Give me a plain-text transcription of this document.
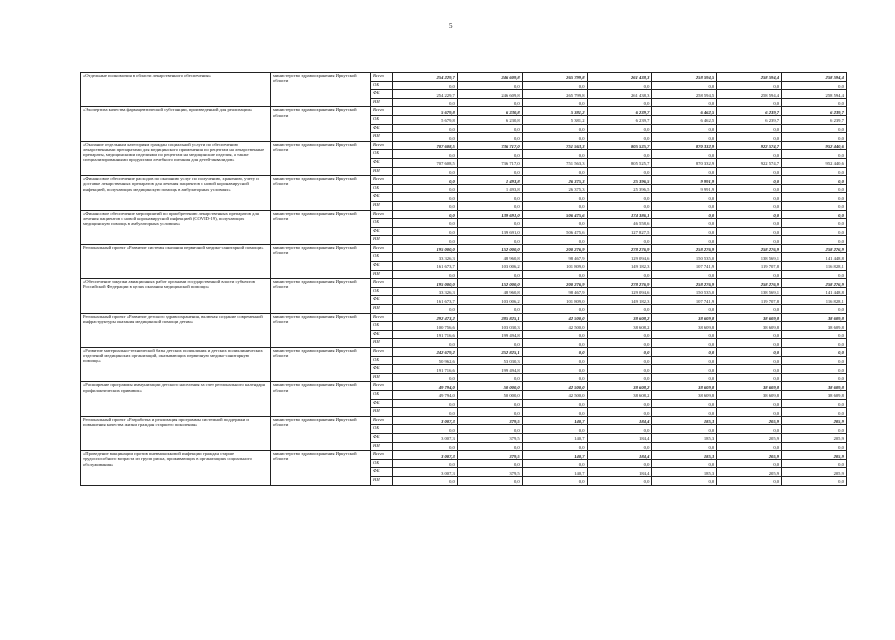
5
«Отдельные полномочия в области лекарственного обеспечения»	министерство здравоохранения Иркутской области	Всего	254 229,7	246 609,8	265 799,8	261 438,3	258 594,5	258 594,4	258 594,4
		ОБ	0,0	0,0	0,0	0,0	0,0	0,0	0,0
		ФБ	254 229,7	246 609,8	265 799,8	261 438,3	258 594,5	258 594,4	258 594,4
		НИ	0,0	0,0	0,0	0,0	0,0	0,0	0,0
«Экспертиза качества фармацевтической субстанции, произведенной для реализации»	министерство здравоохранения Иркутской области	Всего	5 679,8	6 230,8	5 381,2	6 239,7	6 462,5	6 239,7	6 239,7
		ОБ	5 679,8	6 230,8	5 381,2	6 239,7	6 462,5	6 239,7	6 239,7
		ФБ	0,0	0,0	0,0	0,0	0,0	0,0	0,0
		НИ	0,0	0,0	0,0	0,0	0,0	0,0	0,0
«Оказание отдельным категориям граждан социальной услуги по обеспечению лекарственными препаратами для медицинского применения по рецептам на лекарственные препараты, медицинскими изделиями по рецептам на медицинские изделия, а также специализированными продуктами лечебного питания для детей-инвалидов»	министерство здравоохранения Иркутской области	Всего	707 608,5	736 717,0	751 563,3	805 525,7	870 332,9	922 574,7	952 440,6
		ОБ	0,0	0,0	0,0	0,0	0,0	0,0	0,0
		ФБ	707 608,5	736 717,0	751 563,3	805 525,7	870 332,9	922 574,7	952 440,6
		НИ	0,0	0,0	0,0	0,0	0,0	0,0	0,0
«Финансовое обеспечение расходов по оказанию услуг по получению, хранению, учету и доставке лекарственных препаратов для лечения пациентов с новой коронавирусной инфекцией, получающих медицинскую помощь в амбулаторных условиях»	министерство здравоохранения Иркутской области	Всего	0,0	1 493,8	26 375,3	25 396,5	9 991,9	0,0	0,0
		ОБ	0,0	1 493,8	26 375,3	25 396,5	9 991,9	0,0	0,0
		ФБ	0,0	0,0	0,0	0,0	0,0	0,0	0,0
		НИ	0,0	0,0	0,0	0,0	0,0	0,0	0,0
«Финансовое обеспечение мероприятий по приобретению лекарственных препаратов для лечения пациентов с новой коронавирусной инфекцией (COVID-19), получающих медицинскую помощь в амбулаторных условиях»	министерство здравоохранения Иркутской области	Всего	0,0	139 691,0	506 475,6	174 386,1	0,0	0,0	0,0
		ОБ	0,0	0,0	0,0	46 558,6	0,0	0,0	0,0
		ФБ	0,0	139 691,0	506 475,6	127 827,5	0,0	0,0	0,0
		НИ	0,0	0,0	0,0	0,0	0,0	0,0	0,0
Региональный проект «Развитие системы оказания первичной медико-санитарной помощи»	министерство здравоохранения Иркутской области	Всего	195 000,0	152 000,0	200 276,9	278 276,9	258 276,9	258 276,9	258 276,9
		ОБ	33 326,3	48 960,8	98 467,9	129 094,6	150 535,0	138 569,1	141 448,8
		ФБ	161 673,7	103 006,2	101 809,0	149 182,3	107 741,9	119 707,8	116 828,1
		НИ	0,0	0,0	0,0	0,0	0,0	0,0	0,0
«Обеспечение закупки авиационных работ органами государственной власти субъектов Российской Федерации в целях оказания медицинской помощи»	министерство здравоохранения Иркутской области	Всего	195 000,0	152 000,0	200 276,9	278 276,9	258 276,9	258 276,9	258 276,9
		ОБ	33 326,3	48 960,8	98 467,9	129 094,6	150 535,0	138 569,1	141 448,8
		ФБ	161 673,7	103 006,2	101 809,0	149 182,3	107 741,9	119 707,8	116 828,1
		НИ	0,0	0,0	0,0	0,0	0,0	0,0	0,0
Региональный проект «Развитие детского здравоохранения, включая создание современной инфраструктуры оказания медицинской помощи детям»	министерство здравоохранения Иркутской области	Всего	292 473,2	285 825,1	42 500,0	38 608,2	38 609,8	38 609,8	38 609,8
		ОБ	100 756,6	103 030,3	42 500,0	38 608,2	38 609,8	38 609,8	38 609,8
		ФБ	191 716,6	199 494,8	0,0	0,0	0,0	0,0	0,0
		НИ	0,0	0,0	0,0	0,0	0,0	0,0	0,0
«Развитие материально-технической базы детских поликлиник и детских поликлинических отделений медицинских организаций, оказывающих первичную медико-санитарную помощь»	министерство здравоохранения Иркутской области	Всего	242 679,2	252 825,1	0,0	0,0	0,0	0,0	0,0
		ОБ	50 962,6	53 030,3	0,0	0,0	0,0	0,0	0,0
		ФБ	191 716,6	199 494,8	0,0	0,0	0,0	0,0	0,0
		НИ	0,0	0,0	0,0	0,0	0,0	0,0	0,0
«Расширение программы иммунизации детского населения за счет регионального календаря профилактических прививок»	министерство здравоохранения Иркутской области	Всего	49 794,0	50 000,0	42 500,0	38 608,2	38 609,8	38 609,8	38 609,8
		ОБ	49 794,0	50 000,0	42 500,0	38 608,2	38 609,8	38 609,8	38 609,8
		ФБ	0,0	0,0	0,0	0,0	0,0	0,0	0,0
		НИ	0,0	0,0	0,0	0,0	0,0	0,0	0,0
Региональный проект «Разработка и реализация программы системной поддержки и повышения качества жизни граждан старшего поколения»	министерство здравоохранения Иркутской области	Всего	3 007,3	379,5	140,7	184,4	185,3	205,9	205,9
		ОБ	0,0	0,0	0,0	0,0	0,0	0,0	0,0
		ФБ	3 007,3	379,5	140,7	184,4	185,3	205,9	205,9
		НИ	0,0	0,0	0,0	0,0	0,0	0,0	0,0
«Проведение вакцинации против пневмококковой инфекции граждан старше трудоспособного возраста из групп риска, проживающих в организациях социального обслуживания»	министерство здравоохранения Иркутской области	Всего	3 007,3	379,5	140,7	184,4	185,3	205,9	205,9
		ОБ	0,0	0,0	0,0	0,0	0,0	0,0	0,0
		ФБ	3 007,3	379,5	140,7	184,4	185,3	205,9	205,9
		НИ	0,0	0,0	0,0	0,0	0,0	0,0	0,0
